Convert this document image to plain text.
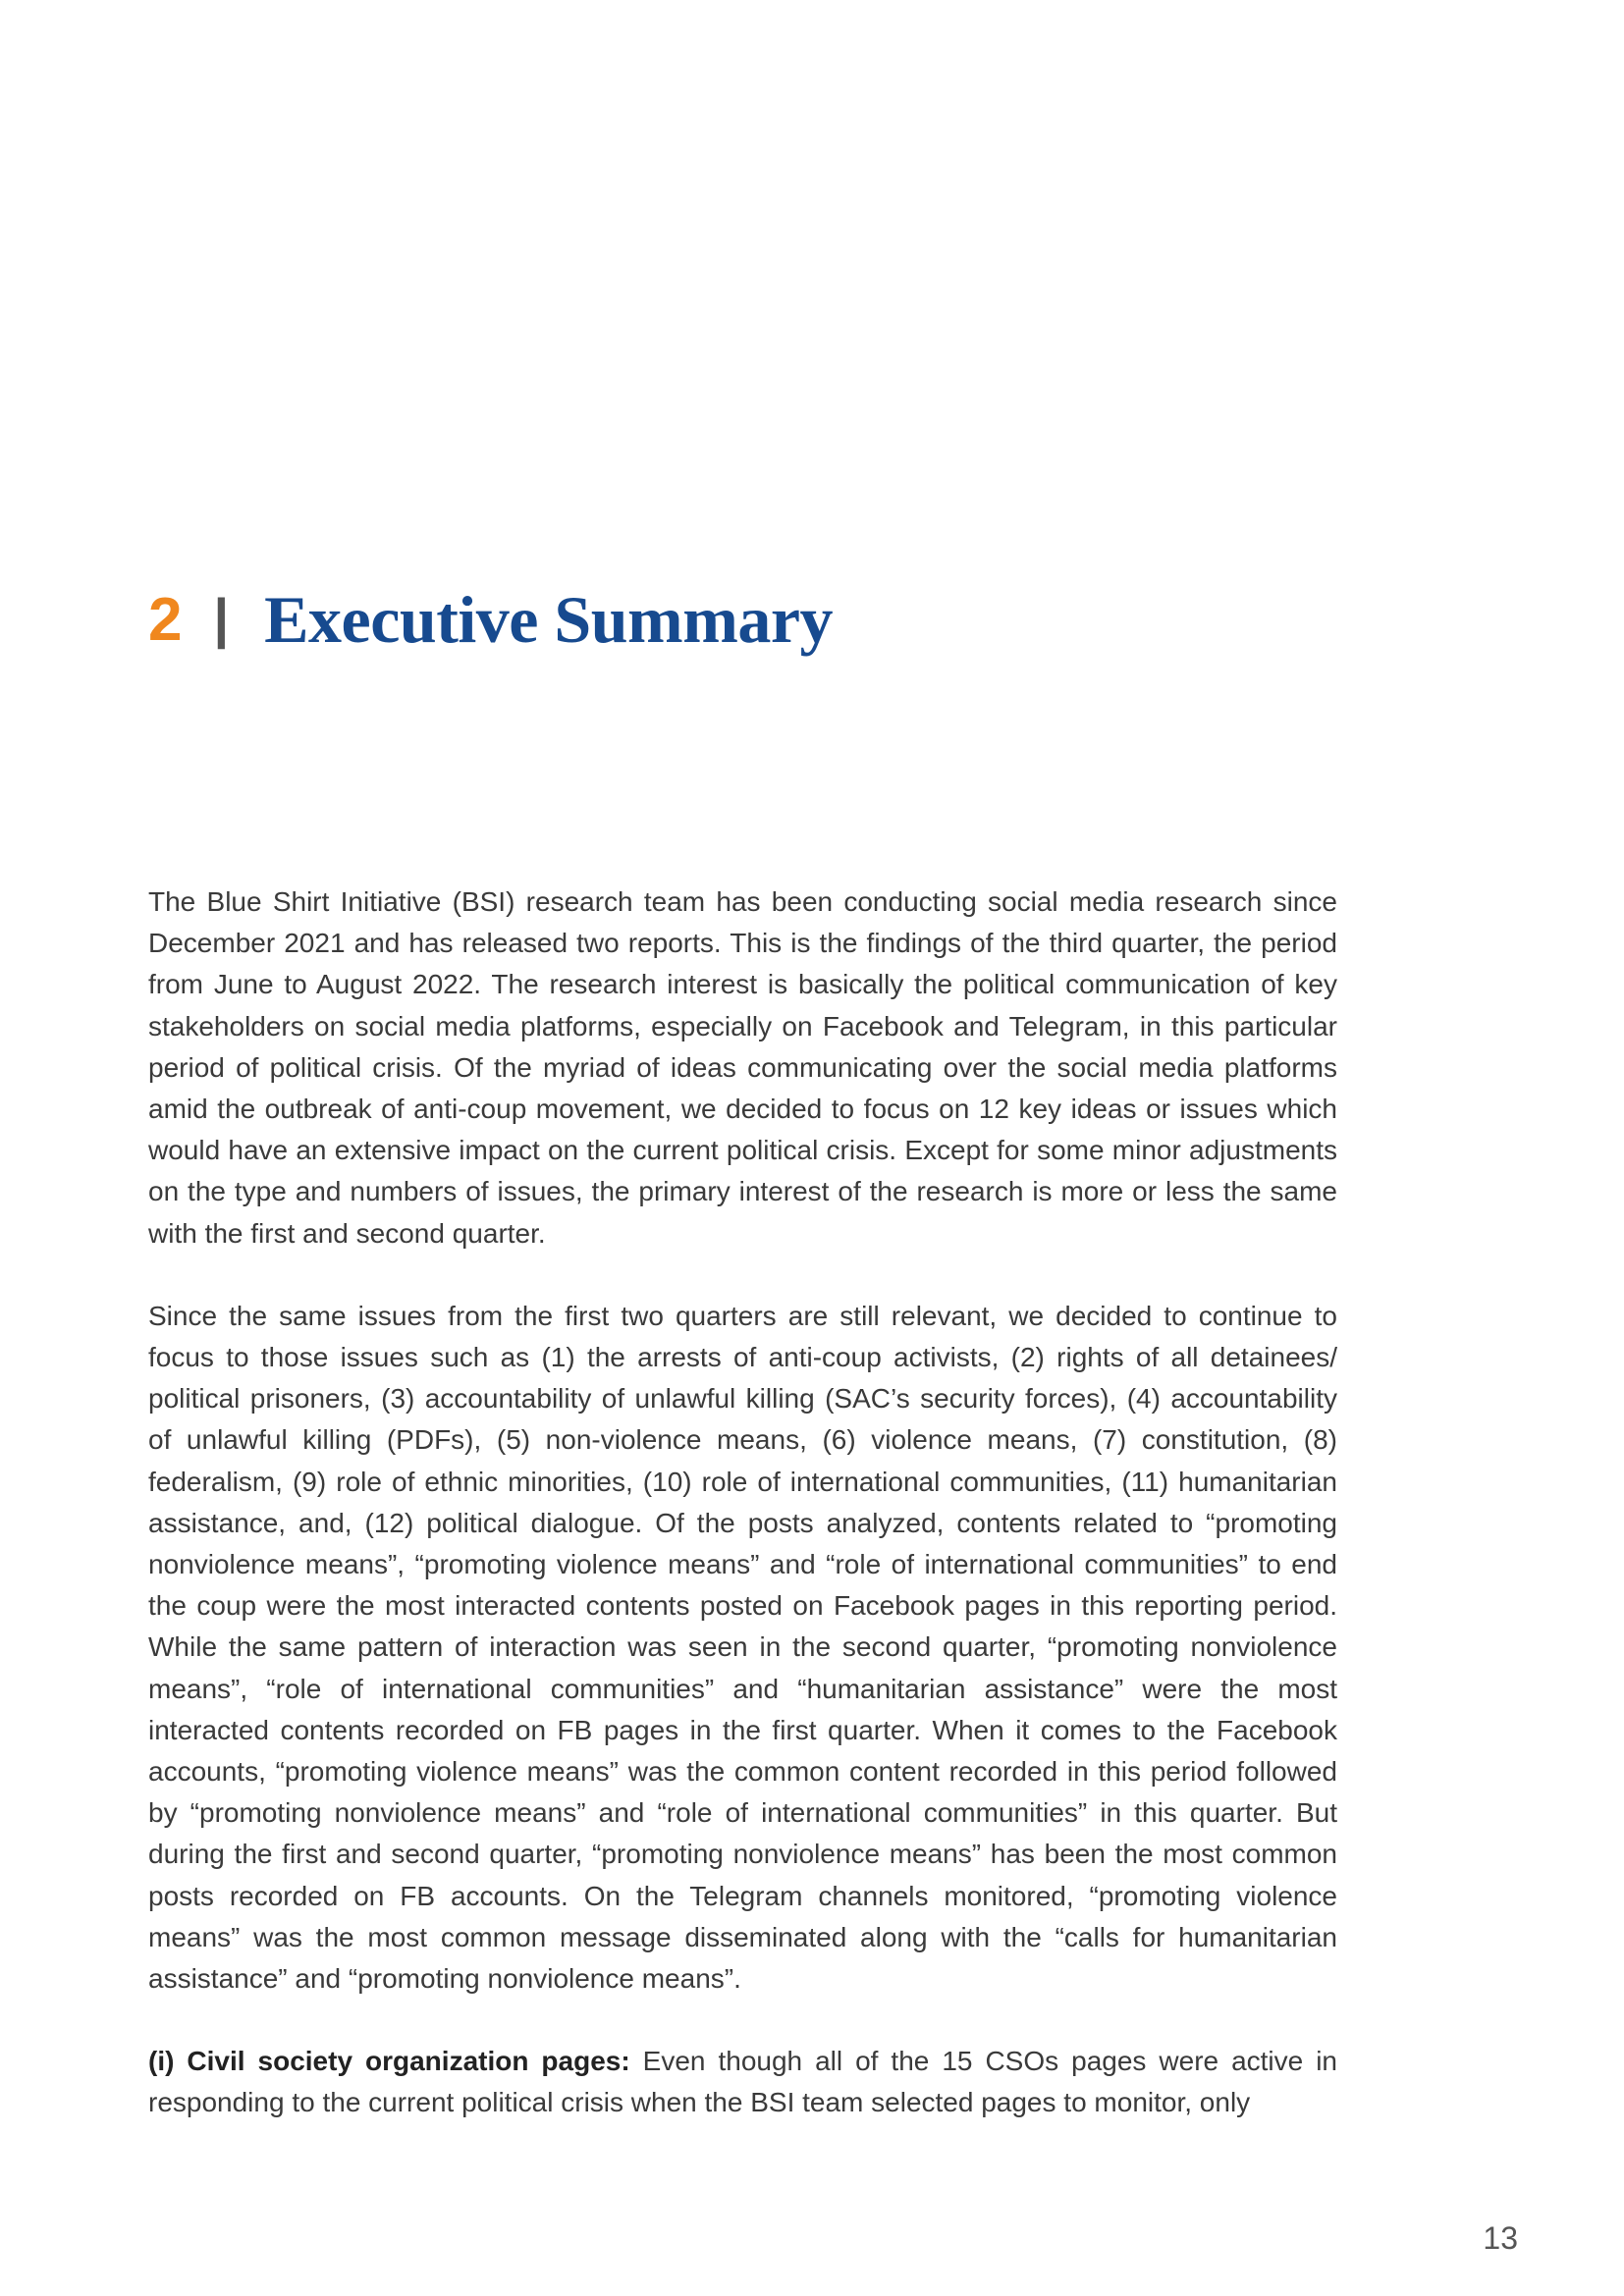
2 | Executive Summary

The Blue Shirt Initiative (BSI) research team has been conducting social media research since December 2021 and has released two reports. This is the findings of the third quarter, the period from June to August 2022. The research interest is basically the political communication of key stakeholders on social media platforms, especially on Facebook and Telegram, in this particular period of political crisis. Of the myriad of ideas communicating over the social media platforms amid the outbreak of anti-coup movement, we decided to focus on 12 key ideas or issues which would have an extensive impact on the current political crisis. Except for some minor adjustments on the type and numbers of issues, the primary interest of the research is more or less the same with the first and second quarter.

Since the same issues from the first two quarters are still relevant, we decided to continue to focus to those issues such as (1) the arrests of anti-coup activists, (2) rights of all detainees/ political prisoners, (3) accountability of unlawful killing (SAC’s security forces), (4) accountability of unlawful killing (PDFs), (5) non-violence means, (6) violence means, (7) constitution, (8) federalism, (9) role of ethnic minorities, (10) role of international communities, (11) humanitarian assistance, and, (12) political dialogue. Of the posts analyzed, contents related to “promoting nonviolence means”, “promoting violence means” and “role of international communities” to end the coup were the most interacted contents posted on Facebook pages in this reporting period. While the same pattern of interaction was seen in the second quarter, “promoting nonviolence means”, “role of international communities” and “humanitarian assistance” were the most interacted contents recorded on FB pages in the first quarter. When it comes to the Facebook accounts, “promoting violence means” was the common content recorded in this period followed by “promoting nonviolence means” and “role of international communities” in this quarter. But during the first and second quarter, “promoting nonviolence means” has been the most common posts recorded on FB accounts. On the Telegram channels monitored, “promoting violence means” was the most common message disseminated along with the “calls for humanitarian assistance” and “promoting nonviolence means”.

(i) Civil society organization pages: Even though all of the 15 CSOs pages were active in responding to the current political crisis when the BSI team selected pages to monitor, only

13
